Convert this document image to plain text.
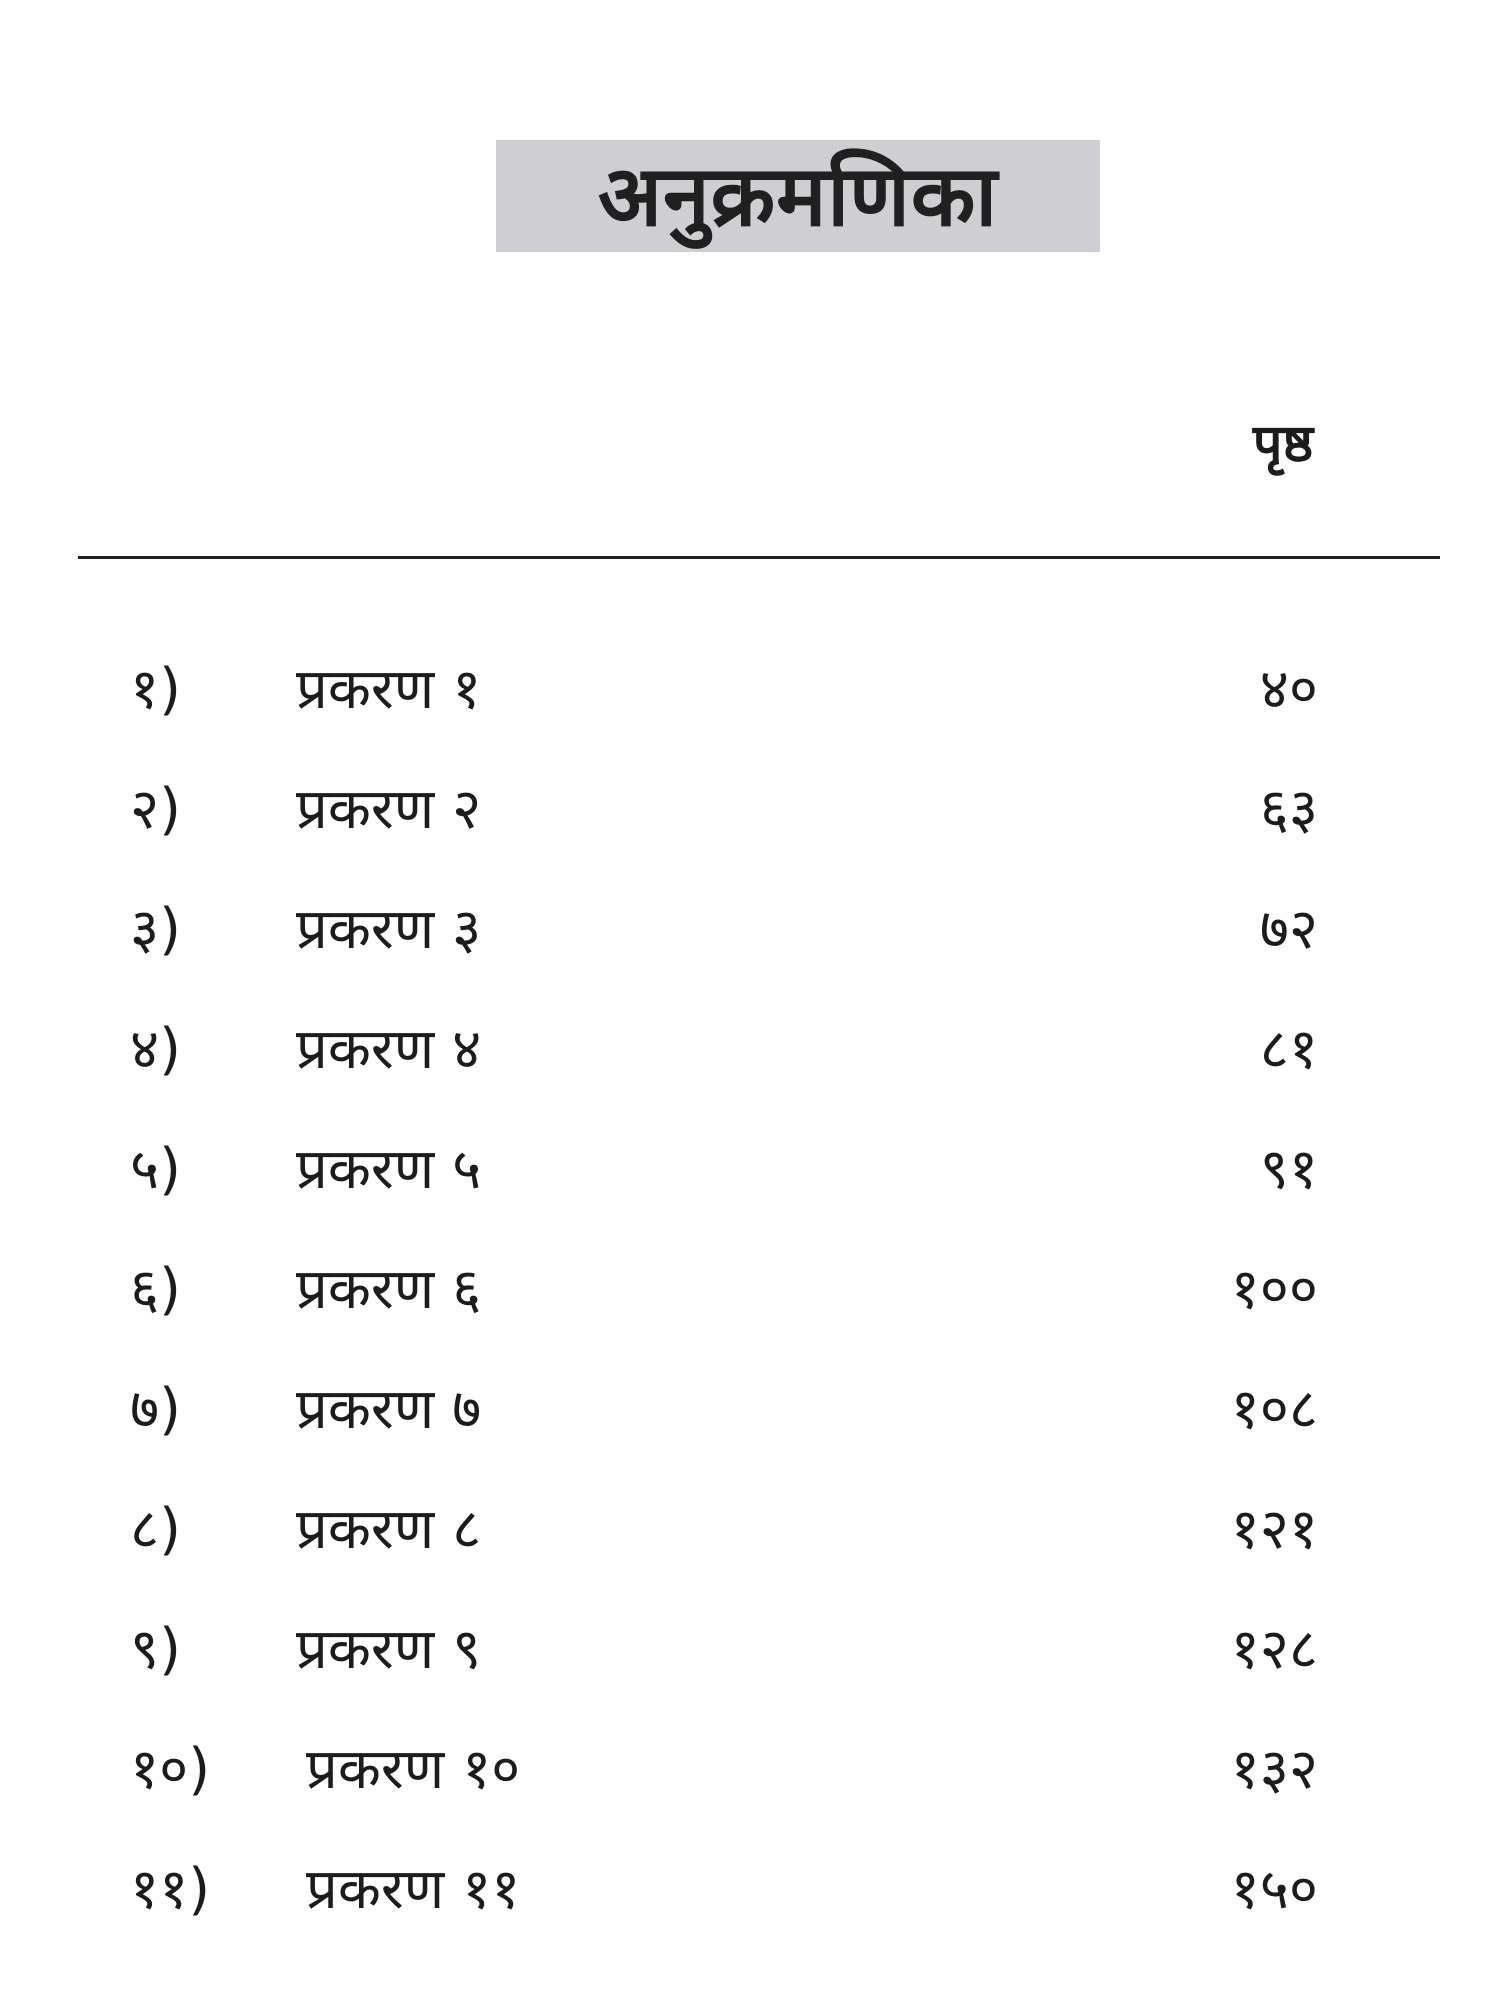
अनुक्रमणिका
पृष्ठ
१) प्रकरण १	४०
२) प्रकरण २	६३
३) प्रकरण ३	७२
४) प्रकरण ४	८१
५) प्रकरण ५	९१
६) प्रकरण ६	१००
७) प्रकरण ७	१०८
८) प्रकरण ८	१२१
९) प्रकरण ९	१२८
१०) प्रकरण १०	१३२
११) प्रकरण ११	१५०
